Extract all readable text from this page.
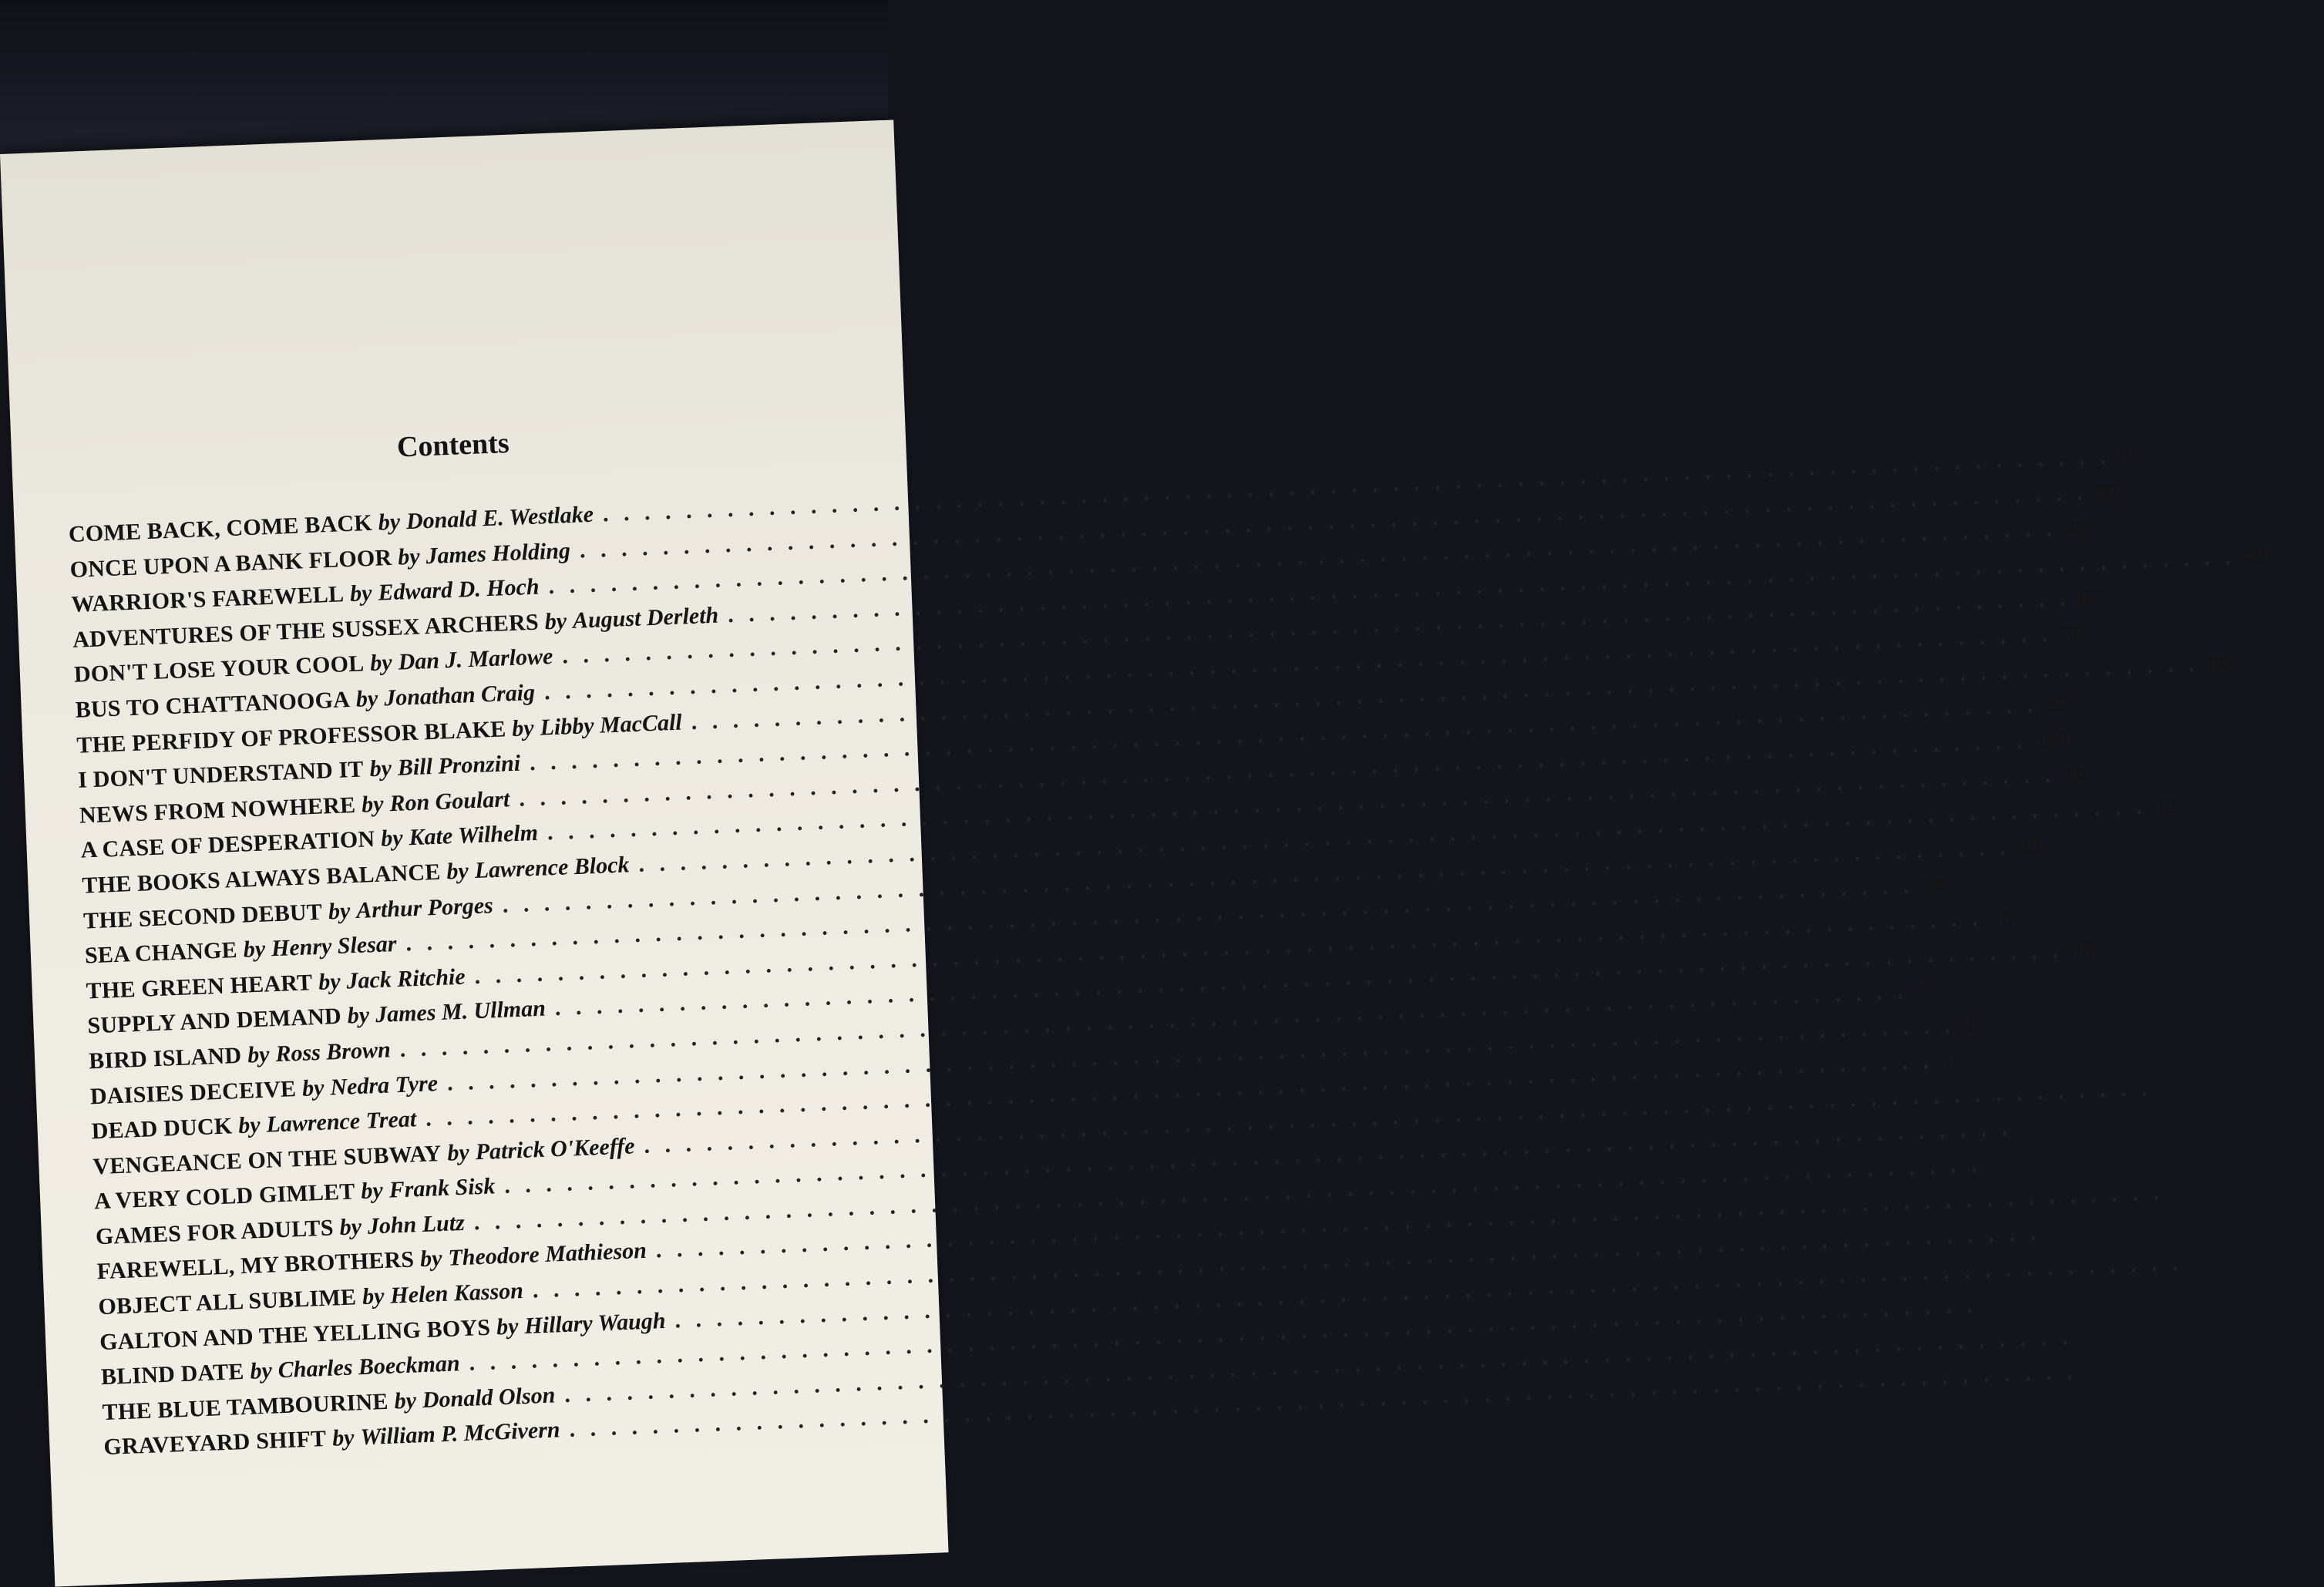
Contents
COME BACK, COME BACK by Donald E. Westlake
. . .
9
ONCE UPON A BANK FLOOR by James Holding
. . .
32
WARRIOR'S FAREWELL by Edward D. Hoch
. . .
42
ADVENTURES OF THE SUSSEX ARCHERS by August Derleth
. . .
49
DON'T LOSE YOUR COOL by Dan J. Marlowe
. . .
67
BUS TO CHATTANOOGA by Jonathan Craig
. . .
70
THE PERFIDY OF PROFESSOR BLAKE by Libby MacCall
. . .
80
I DON'T UNDERSTAND IT by Bill Pronzini
. . .
92
NEWS FROM NOWHERE by Ron Goulart
. . .
100
A CASE OF DESPERATION by Kate Wilhelm
. . .
10
THE BOOKS ALWAYS BALANCE by Lawrence Block
. . .
12
THE SECOND DEBUT by Arthur Porges
. . .
13
SEA CHANGE by Henry Slesar
. . .
14
THE GREEN HEART by Jack Ritchie
. . .
15
SUPPLY AND DEMAND by James M. Ullman
. . .
16
BIRD ISLAND by Ross Brown
. . .
1
DAISIES DECEIVE by Nedra Tyre
. . .
1
DEAD DUCK by Lawrence Treat
. . .
1
VENGEANCE ON THE SUBWAY by Patrick O'Keeffe
. . .
A VERY COLD GIMLET by Frank Sisk
. . .
GAMES FOR ADULTS by John Lutz
. . .
FAREWELL, MY BROTHERS by Theodore Mathieson
. . .
OBJECT ALL SUBLIME by Helen Kasson
. . .
GALTON AND THE YELLING BOYS by Hillary Waugh
. . .
BLIND DATE by Charles Boeckman
. . .
THE BLUE TAMBOURINE by Donald Olson
. . .
GRAVEYARD SHIFT by William P. McGivern
. . .
